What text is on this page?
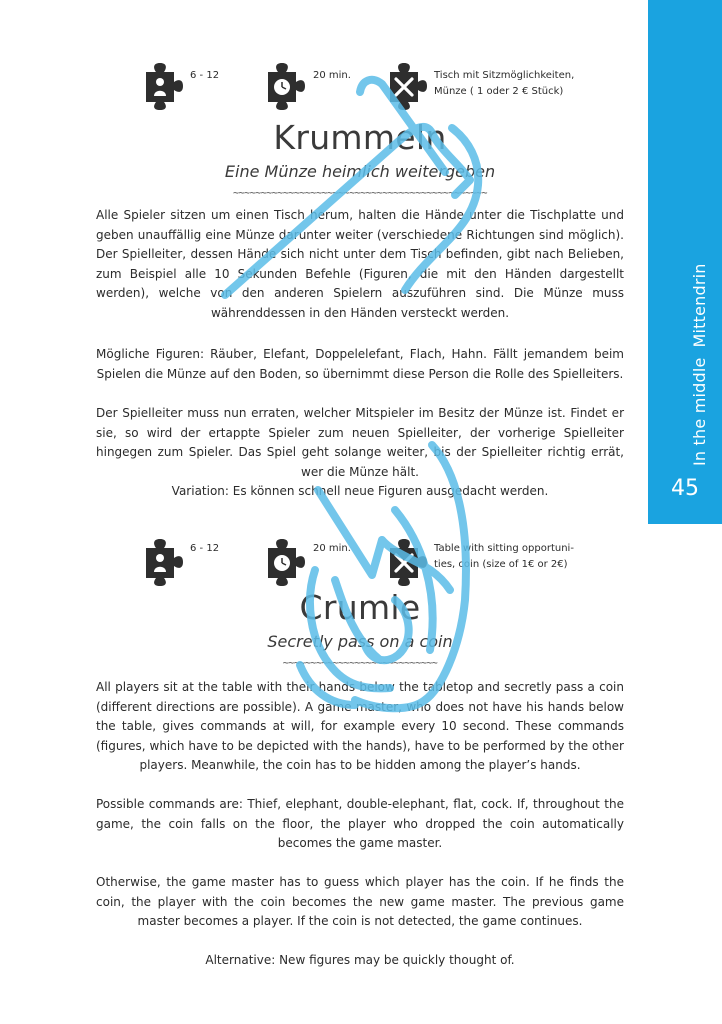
In the middleMittendrin
45
6 - 12	20 min.	Tisch mit Sitzmöglichkeiten,
Münze ( 1 oder 2 € Stück)
Krummeln
Eine Münze heimlich weitergeben
~~~~~~~~~~~~~~~~~~~~~~~~~~~~~~~~~~~~~~~~~~~~~~

Alle Spieler sitzen um einen Tisch herum, halten die Hände unter die Tischplatte und geben unauffällig eine Münze darunter weiter (verschiedene Richtungen sind möglich). Der Spielleiter, dessen Hände sich nicht unter dem Tisch befinden, gibt nach Belieben, zum Beispiel alle 10 Sekunden Befehle (Figuren, die mit den Händen dargestellt werden), welche von den anderen Spielern auszuführen sind. Die Münze muss währenddessen in den Händen versteckt werden.

Mögliche Figuren: Räuber, Elefant, Doppelelefant, Flach, Hahn. Fällt jemandem beim Spielen die Münze auf den Boden, so übernimmt diese Person die Rolle des Spielleiters.

Der Spielleiter muss nun erraten, welcher Mitspieler im Besitz der Münze ist. Findet er sie, so wird der ertappte Spieler zum neuen Spielleiter, der vorherige Spielleiter hingegen zum Spieler. Das Spiel geht solange weiter, bis der Spielleiter richtig errät, wer die Münze hält.

Variation: Es können schnell neue Figuren ausgedacht werden.

6 - 12	20 min.	Table with sitting opportuni-
ties, coin (size of 1€ or 2€)
Crumle
Secretly pass on a coin
~~~~~~~~~~~~~~~~~~~~~~~~~~~~

All players sit at the table with their hands below the tabletop and secretly pass a coin (different directions are possible). A game master, who does not have his hands below the table, gives commands at will, for example every 10 second. These commands (figures, which have to be depicted with the hands), have to be performed by the other players. Meanwhile, the coin has to be hidden among the player’s hands.

Possible commands are: Thief, elephant, double-elephant, flat, cock. If, throughout the game, the coin falls on the floor, the player who dropped the coin automatically becomes the game master.

Otherwise, the game master has to guess which player has the coin. If he finds the coin, the player with the coin becomes the new game master. The previous game master becomes a player. If the coin is not detected, the game continues.

Alternative: New figures may be quickly thought of.
